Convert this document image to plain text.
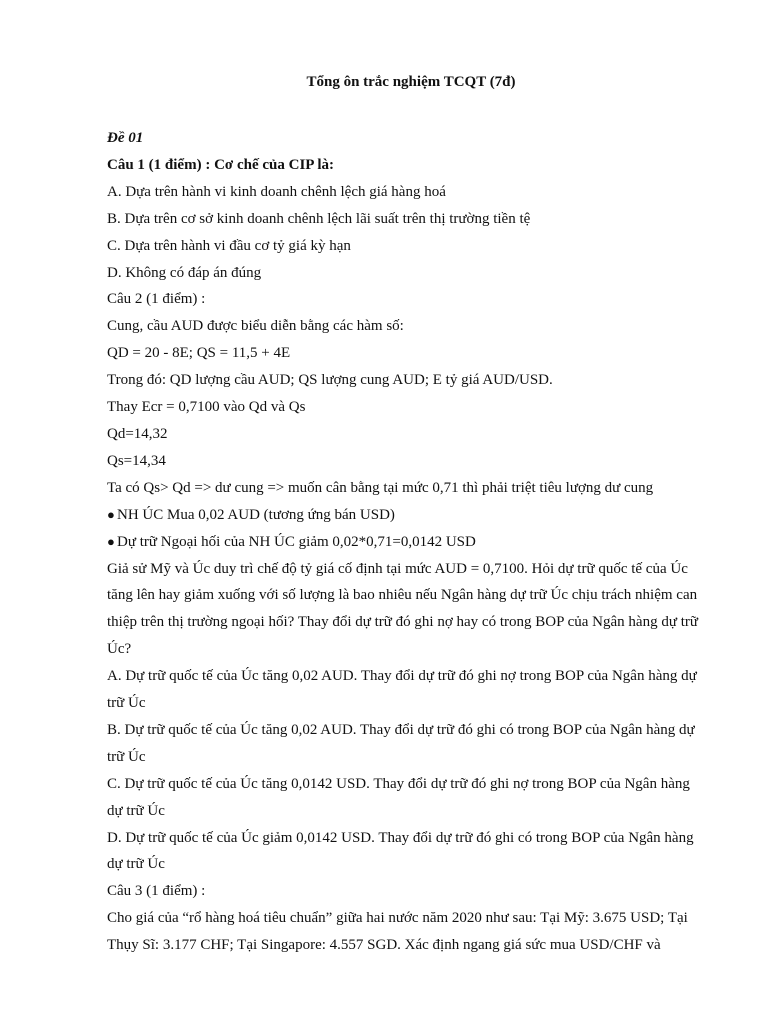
Tổng ôn trắc nghiệm TCQT (7đ)

Đề 01

Câu 1 (1 điểm) : Cơ chế của CIP là:

A. Dựa trên hành vi kinh doanh chênh lệch giá hàng hoá

B. Dựa trên cơ sở kinh doanh chênh lệch lãi suất trên thị trường tiền tệ

C. Dựa trên hành vi đầu cơ tỷ giá kỳ hạn

D. Không có đáp án đúng

Câu 2 (1 điểm) :

Cung, cầu AUD được biểu diễn bằng các hàm số:

QD = 20 - 8E; QS = 11,5 + 4E

Trong đó: QD lượng cầu AUD; QS lượng cung AUD; E tỷ giá AUD/USD.

Thay Ecr = 0,7100 vào Qd và Qs

Qd=14,32

Qs=14,34

Ta có Qs> Qd => dư cung => muốn cân bằng tại mức 0,71 thì phải triệt tiêu lượng dư cung

● NH ÚC Mua 0,02 AUD (tương ứng bán USD)

● Dự trữ Ngoại hối của NH ÚC giảm 0,02*0,71=0,0142 USD

Giả sử Mỹ và Úc duy trì chế độ tỷ giá cố định tại mức AUD = 0,7100. Hỏi dự trữ quốc tế của Úc tăng lên hay giảm xuống với số lượng là bao nhiêu nếu Ngân hàng dự trữ Úc chịu trách nhiệm can thiệp trên thị trường ngoại hối? Thay đổi dự trữ đó ghi nợ hay có trong BOP của Ngân hàng dự trữ Úc?

A. Dự trữ quốc tế của Úc tăng 0,02 AUD. Thay đổi dự trữ đó ghi nợ trong BOP của Ngân hàng dự trữ Úc

B. Dự trữ quốc tế của Úc tăng 0,02 AUD. Thay đổi dự trữ đó ghi có trong BOP của Ngân hàng dự trữ Úc

C. Dự trữ quốc tế của Úc tăng 0,0142 USD. Thay đổi dự trữ đó ghi nợ trong BOP của Ngân hàng dự trữ Úc

D. Dự trữ quốc tế của Úc giảm 0,0142 USD. Thay đổi dự trữ đó ghi có trong BOP của Ngân hàng dự trữ Úc

Câu 3 (1 điểm) :

Cho giá của “rổ hàng hoá tiêu chuẩn” giữa hai nước năm 2020 như sau: Tại Mỹ: 3.675 USD; Tại Thụy Sĩ: 3.177 CHF; Tại Singapore: 4.557 SGD. Xác định ngang giá sức mua USD/CHF và
